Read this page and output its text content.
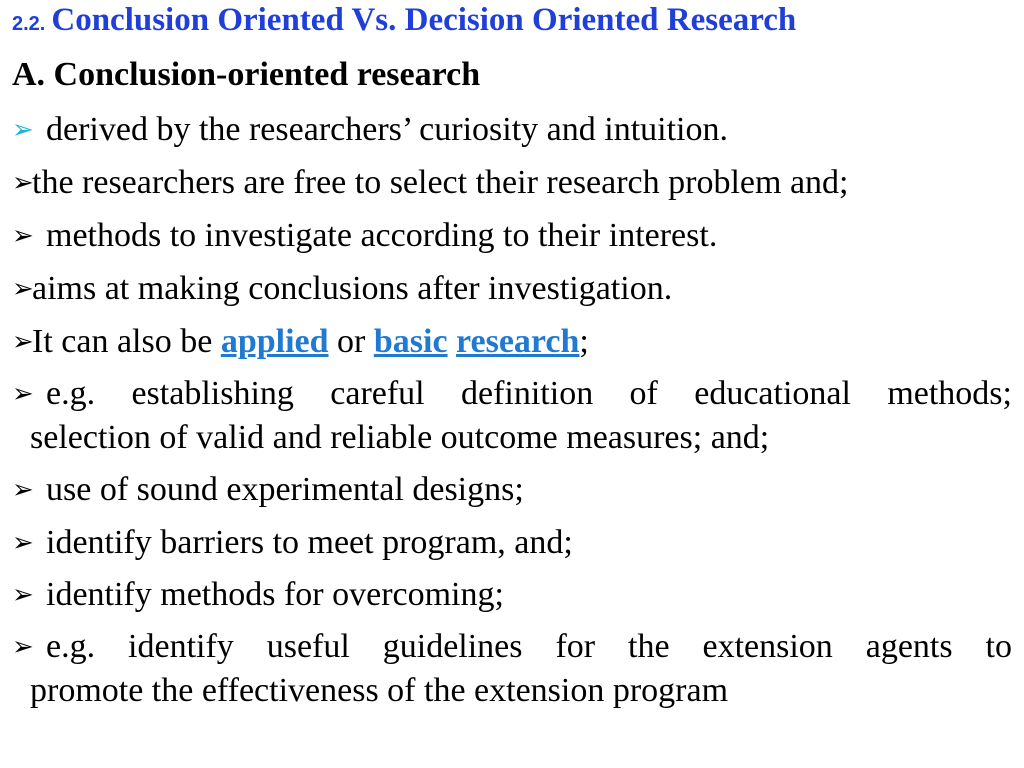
2.2. Conclusion Oriented Vs. Decision Oriented Research
A. Conclusion-oriented research
➢ derived by the researchers’ curiosity and intuition.
➢the researchers are free to select their research problem and;
➢ methods to investigate according to their interest.
➢aims at making conclusions after investigation.
➢It can also be applied or basic research;
➢ e.g. establishing careful definition of educational methods;
selection of valid and reliable outcome measures; and;
➢ use of sound experimental designs;
➢ identify barriers to meet program, and;
➢ identify methods for overcoming;
➢ e.g. identify useful guidelines for the extension agents to
promote the effectiveness of the extension program
